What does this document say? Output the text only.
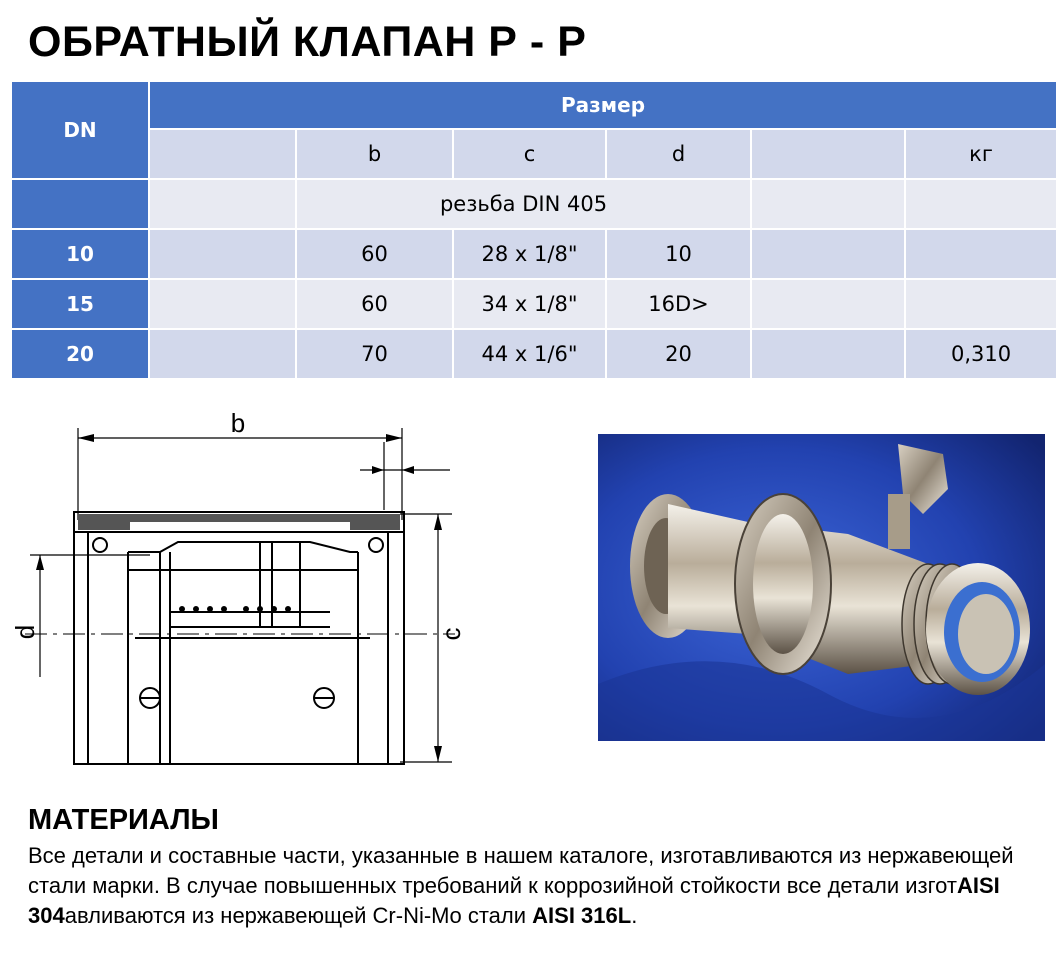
ОБРАТНЫЙ КЛАПАН Р - Р
DN	Размер					
		b	c	d		кг
		резьба DIN 405				
10		60	28 x 1/8"	10		
15		60	34 x 1/8"	16D>		
20		70	44 x 1/6"	20		0,310
b
c
d
МАТЕРИАЛЫ

Все детали и составные части, указанные в нашем каталоге, изготавливаются из нержавеющей стали марки. В случае повышенных требований к коррозийной стойкости все детали изготAISI 304авливаются из нержавеющей Cr-Ni-Mo стали AISI 316L.
